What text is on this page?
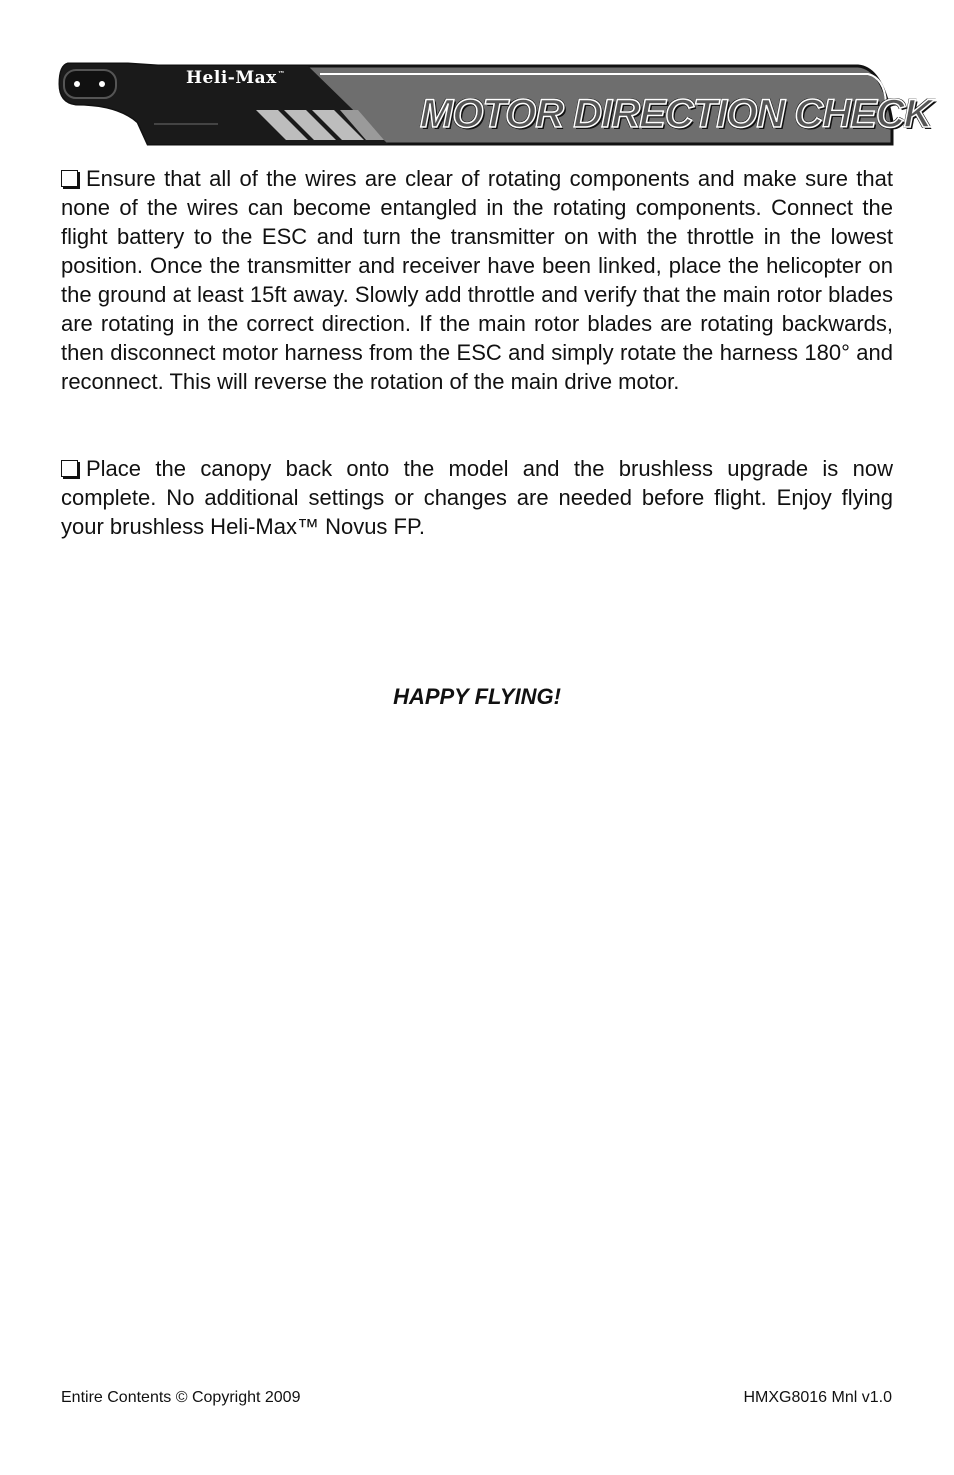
Heli-Max™
MOTOR DIRECTION CHECK

Ensure that all of the wires are clear of rotating components and make sure that none of the wires can become entangled in the rotating components. Connect the flight battery to the ESC and turn the transmitter on with the throttle in the lowest position. Once the transmitter and receiver have been linked, place the helicopter on the ground at least 15ft away. Slowly add throttle and verify that the main rotor blades are rotating in the correct direction. If the main rotor blades are rotating backwards, then disconnect motor harness from the ESC and simply rotate the harness 180° and reconnect. This will reverse the rotation of the main drive motor.

Place the canopy back onto the model and the brushless upgrade is now complete. No additional settings or changes are needed before flight. Enjoy flying your brushless Heli-Max™ Novus FP.

HAPPY FLYING!
Entire Contents © Copyright 2009	HMXG8016 Mnl v1.0
